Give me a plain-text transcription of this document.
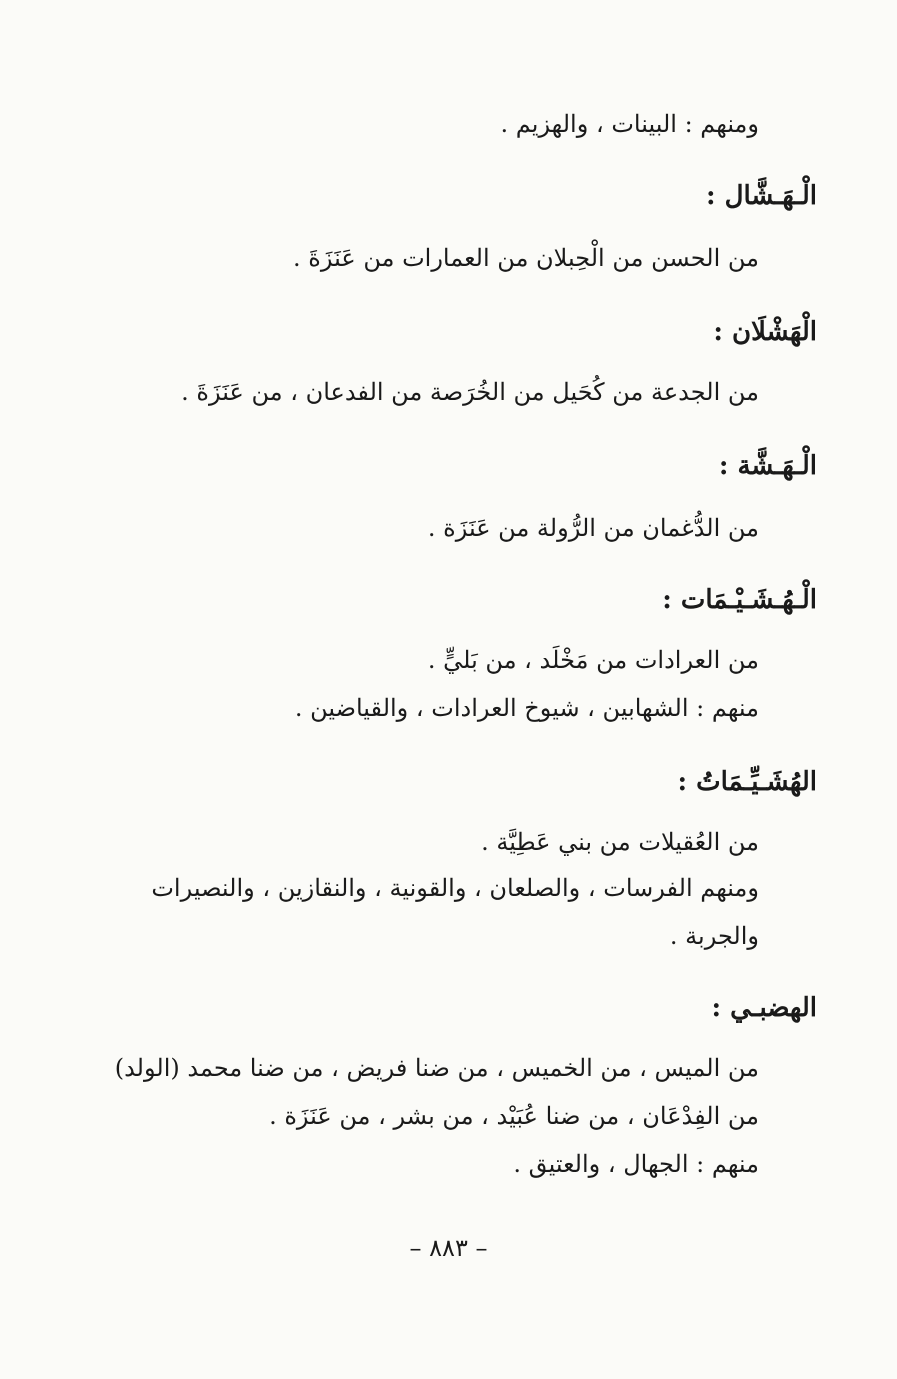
ومنهم : البينات ، والهزيم .
الْـهَـشَّال :
من الحسن من الْحِبلان من العمارات من عَنَزَةَ .
الْهَشْلَان :
من الجدعة من كُحَيل من الخُرَصة من الفدعان ، من عَنَزَةَ .
الْـهَـشَّة :
من الدُّغمان من الرُّولة من عَنَزَة .
الْـهُـشَـيْـمَات :
من العرادات من مَخْلَد ، من بَليٍّ .
منهم : الشهابين ، شيوخ العرادات ، والقياضين .
الهُشَـيِّـمَاتُ :
من العُقيلات من بني عَطِيَّة .
ومنهم الفرسات ، والصلعان ، والقونية ، والنقازين ، والنصيرات
والجربة .
الهضبـي :
من الميس ، من الخميس ، من ضنا فريض ، من ضنا محمد (الولد)
من الفِدْعَان ، من ضنا عُبَيْد ، من بشر ، من عَنَزَة .
منهم : الجهال ، والعتيق .
– ٨٨٣ –
